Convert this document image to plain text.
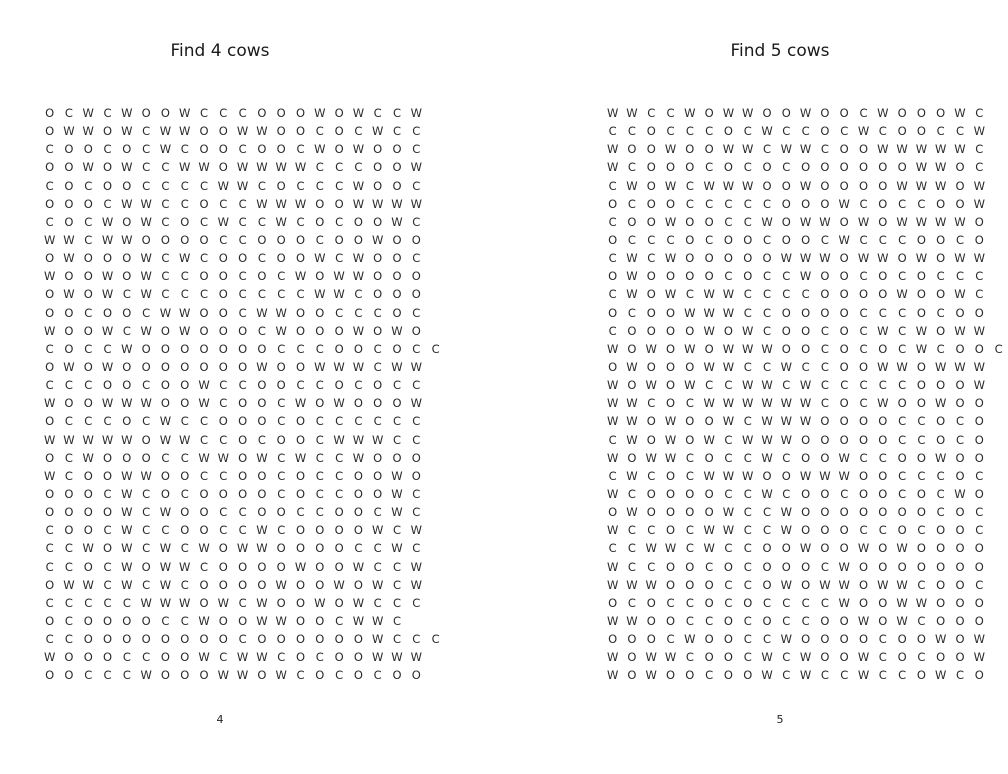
Find 4 cows
O C W C W O O W C C C O O O W O W C C W
O W W O W C W W O O W W O O C O C W C C
C O O C O C W C O O C O O C W O W O O C
O O W O W C C W W O W W W W C C C O O W
C O C O O C C C C W W C O C C C W O O C
O O O C W W C C O C C W W W O O W W W W
C O C W O W C O C W C C W C O C O O W C
W W C W W O O O O C C O O O C O O W O O
O W O O O W C W C O O C O O W C W O O C
W O O W O W C C O O C O C W O W W O O O
O W O W C W C C C O C C C C W W C O O O
O O C O O C W W O O C W W O O C C C O C
W O O W C W O W O O O C W O O O W O W O
C O C C W O O O O O O O C C C O O C O C C
O W O W O O O O O O O W O O W W W C W W
C C C O O C O O W C C O O C C O C O C C
W O O W W W O O W C O O C W O W O O O W
O C C C O C W C C O O O C O C C C C C C
W W W W W O W W C C O C O O C W W W C C
O C W O O O C C W W O W C W C C W O O O
W C O O W W O O C C O O C O C C O O W O
O O O C W C O C O O O O C O C C O O W C
O O O O W C W O O C C O O C C O O C W C
C O O C W C C O O C C W C O O O O W C W
C C W O W C W C W O W W O O O O C C W C
C C O C W O W W C O O O O W O O W C C W
O W W C W C W C O O O O W O O W O W C W
C C C C C W W W O W C W O O W O W C C C
O C O O O O C C W O O W W O O C W W C
C C O O O O O O O O C O O O O O O W C C C
W O O O C C O O W C W W C O C O O W W W
O O C C C W O O O W W O W C O C O C O O
4
Find 5 cows
W W C C W O W W O O W O O C W O O O W C
C C O C C C O C W C C O C W C O O C C W
W O O W O O W W C W W C O O W W W W W C
W C O O O C O C O C O O O O O O W W O C
C W O W C W W W O O W O O O O W W W O W
O C O O C C C C C O O O W C O C C O O W
C O O W O O C C W O W W O W O W W W W O
O C C C O C O O C O O C W C C C O O C O
C W C W O O O O O W W W O W W O W O W W
O W O O O O C O C C W O O C O C O C C C
C W O W C W W C C C C O O O O W O O W C
O C O O W W W C C O O O O C C C O C O O
C O O O O W O W C O O C O C W C W O W W
W O W O W O W W W O O C O C O C W C O O C
O W O O O W W C C W C C O O W W O W W W
W O W O W C C W W C W C C C C C O O O W
W W C O C W W W W W W C O C W O O W O O
W W O W O O W C W W W O O O O C C O C O
C W O W O W C W W W O O O O O C C O C O
W O W W C O C C W C O O W C C O O W O O
C W C O C W W W O O W W W O O C C C O C
W C O O O O C C W C O O C O O C O C W O
O W O O O O W C C W O O O O O O O C O C
W C C O C W W C C W O O O C C O C O O C
C C W W C W C C O O W O O W O W O O O O
W C C O O C O C O O O C W O O O O O O O
W W W O O O C C O W O W W O W W C O O C
O C O C C O C O C C C C W O O W W O O O
W W O O C C O C O C C O O W O W C O O O
O O O C W O O C C W O O O O C O O W O W
W O W W C O O C W C W O O W C O C O O W
W O W O O C O O W C W C C W C C O W C O
5
